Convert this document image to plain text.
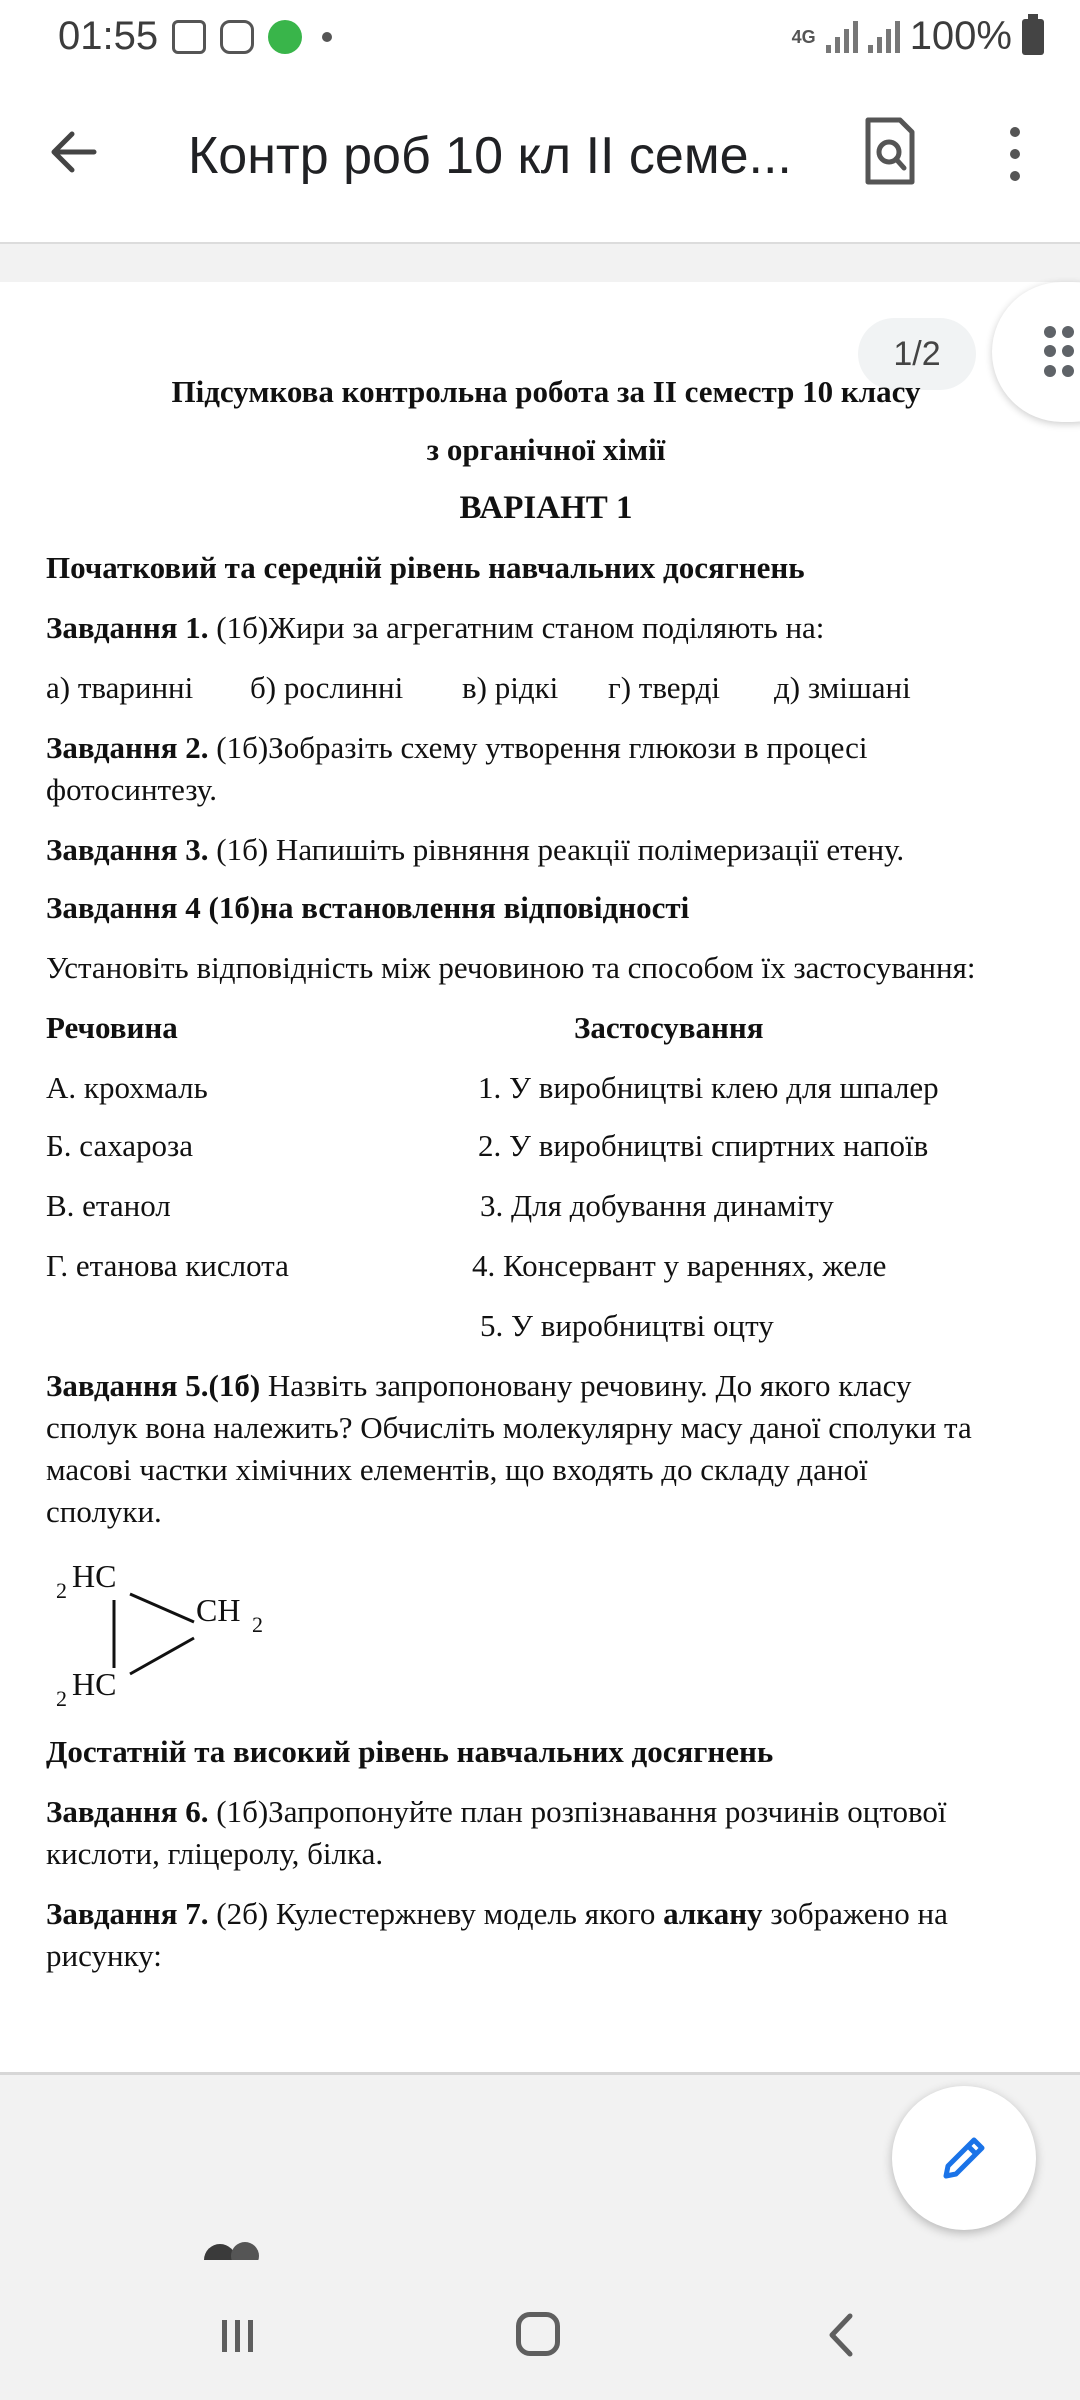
01:55	4G 100%
Контр роб 10 кл ІІ семе...
1/2
Підсумкова контрольна робота за ІІ семестр 10 класу
з органічної хімії
ВАРІАНТ 1
Початковий та середній рівень навчальних досягнень
Завдання 1. (1б)Жири за агрегатним станом поділяють на:
а) тваринні б) рослинні в) рідкі г) тверді д) змішані
Завдання 2. (1б)Зобразіть схему утворення глюкози в процесі
фотосинтезу.
Завдання 3. (1б) Напишіть рівняння реакції полімеризації етену.
Завдання 4 (1б)на встановлення відповідності
Установіть відповідність між речовиною та способом їх застосування:
Речовина	Застосування
А. крохмаль
Б. сахароза
В. етанол
Г. етанова кислота
1. У виробництві клею для шпалер
2. У виробництві спиртних напоїв
3. Для добування динаміту
4. Консервант у вареннях, желе
5. У виробництві оцту
Завдання 5.(1б) Назвіть запропоновану речовину. До якого класу
сполук вона належить? Обчисліть молекулярну масу даної сполуки та
масові частки хімічних елементів, що входять до складу даної
сполуки.
2 HC
CH 2
2 HC
Достатній та високий рівень навчальних досягнень
Завдання 6. (1б)Запропонуйте план розпізнавання розчинів оцтової
кислоти, гліцеролу, білка.
Завдання 7. (2б) Кулестержневу модель якого алкану зображено на
рисунку:
